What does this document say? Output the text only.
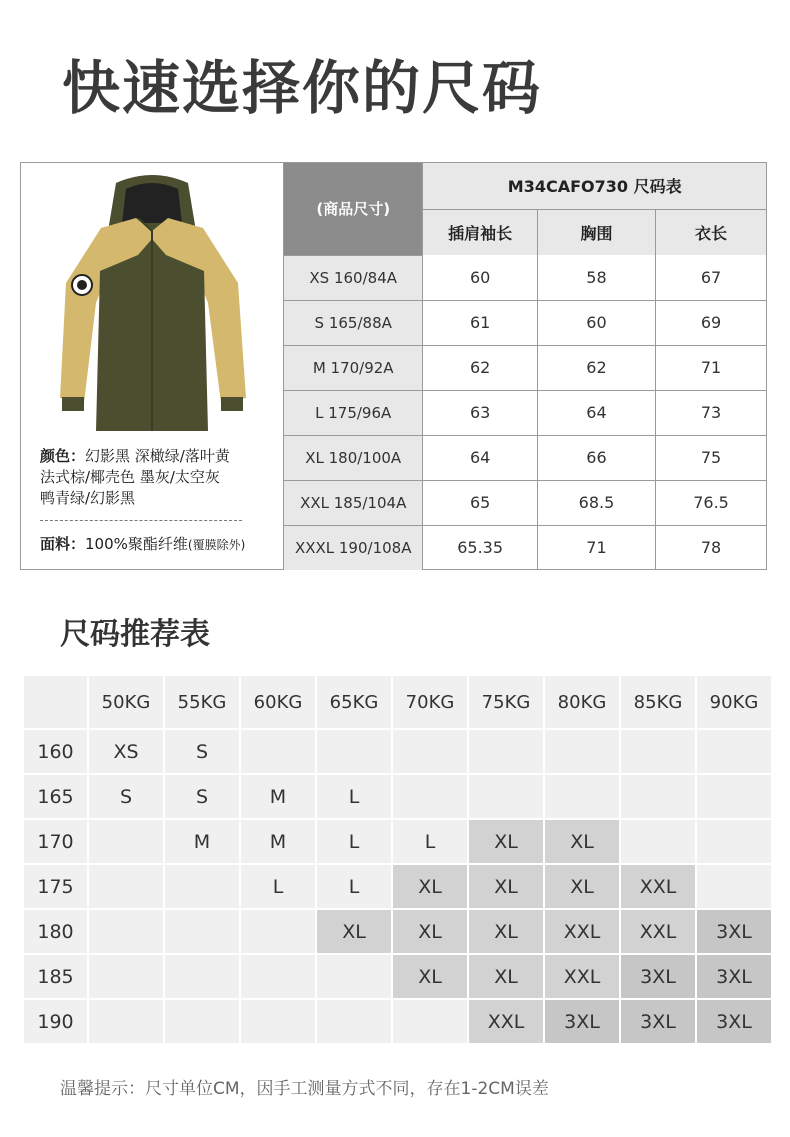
快速选择你的尺码
CAMEL
颜色：幻影黑 深橄绿/落叶黄
法式棕/椰壳色 墨灰/太空灰
鸭青绿/幻影黑
面料：100%聚酯纤维(覆膜除外)
(商品尺寸)	M34CAFO730 尺码表		
	插肩袖长	胸围	衣长
XS 160/84A	60	58	67
S 165/88A	61	60	69
M 170/92A	62	62	71
L 175/96A	63	64	73
XL 180/100A	64	66	75
XXL 185/104A	65	68.5	76.5
XXXL 190/108A	65.35	71	78
尺码推荐表
	50KG	55KG	60KG	65KG	70KG	75KG	80KG	85KG	90KG
160	XS	S							
165	S	S	M	L					
170		M	M	L	L	XL	XL		
175			L	L	XL	XL	XL	XXL	
180				XL	XL	XL	XXL	XXL	3XL
185					XL	XL	XXL	3XL	3XL
190						XXL	3XL	3XL	3XL

温馨提示：尺寸单位CM，因手工测量方式不同，存在1-2CM误差
